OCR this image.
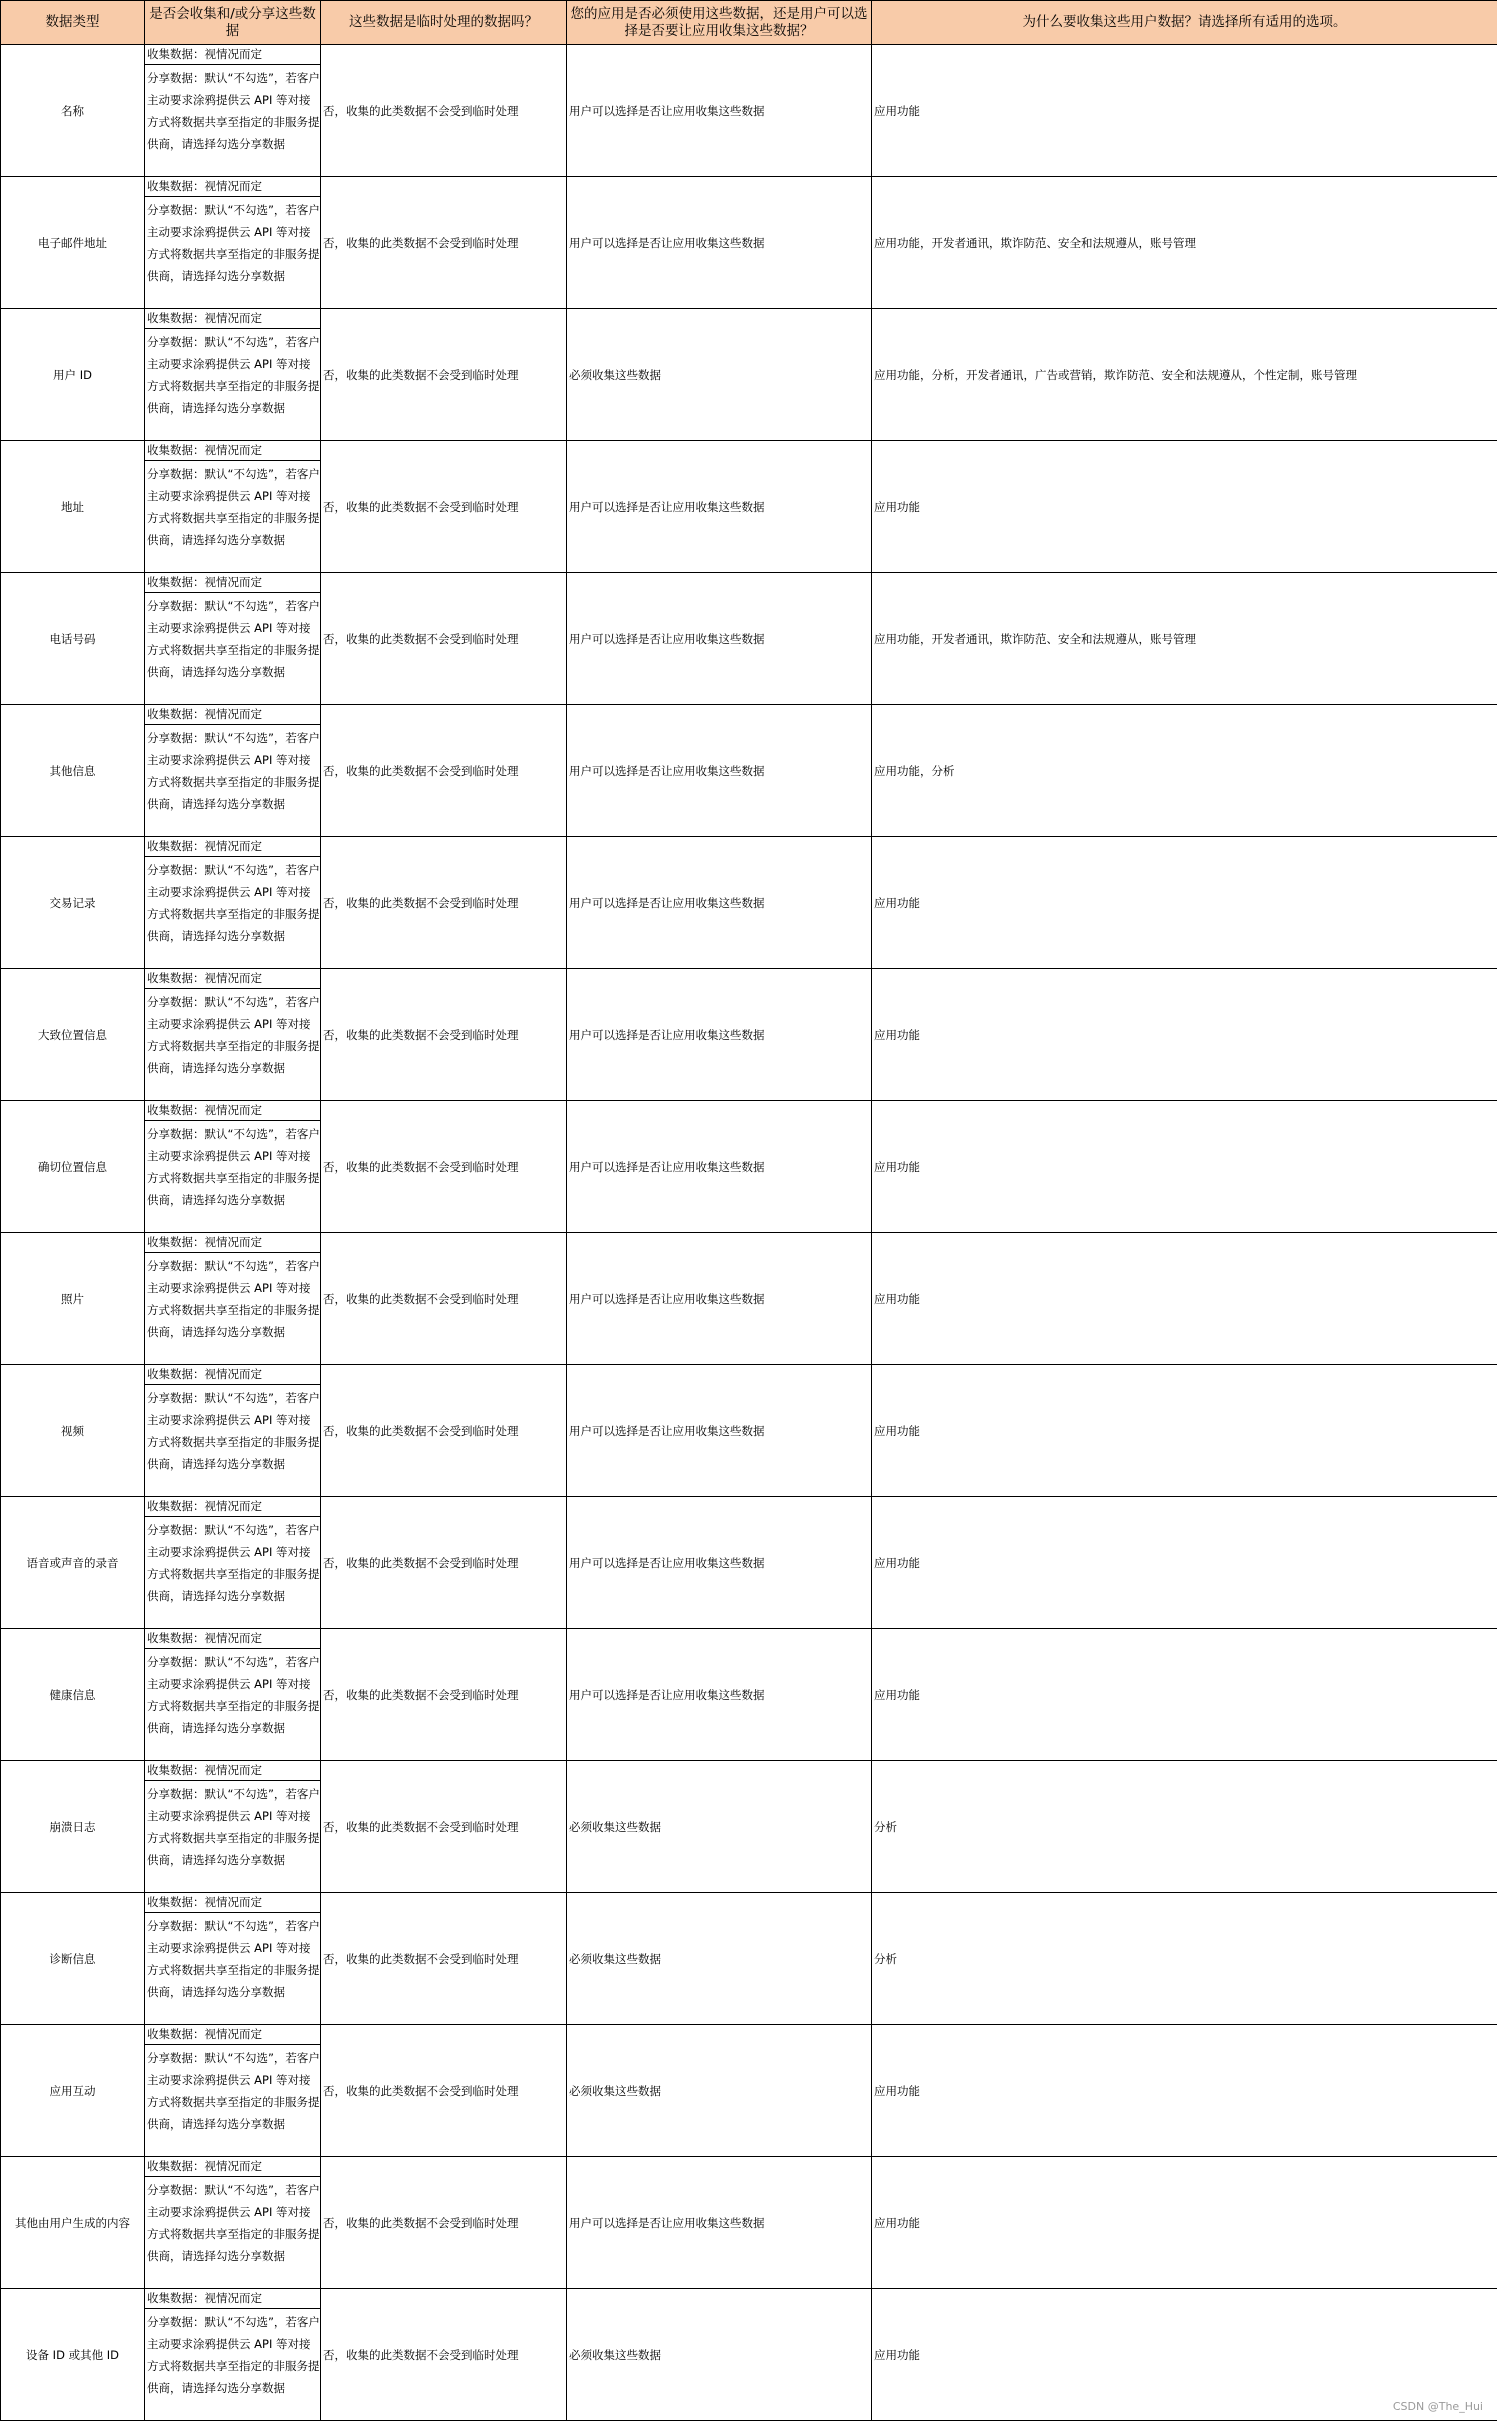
数据类型	是否会收集和/或分享这些数据	这些数据是临时处理的数据吗？	您的应用是否必须使用这些数据，还是用户可以选择是否要让应用收集这些数据？	为什么要收集这些用户数据？请选择所有适用的选项。
名称	收集数据：视情况而定
分享数据：默认“不勾选”，若客户主动要求涂鸦提供云 API 等对接方式将数据共享至指定的非服务提供商，请选择勾选分享数据	否，收集的此类数据不会受到临时处理	用户可以选择是否让应用收集这些数据	应用功能
电子邮件地址	收集数据：视情况而定
分享数据：默认“不勾选”，若客户主动要求涂鸦提供云 API 等对接方式将数据共享至指定的非服务提供商，请选择勾选分享数据	否，收集的此类数据不会受到临时处理	用户可以选择是否让应用收集这些数据	应用功能，开发者通讯，欺诈防范、安全和法规遵从，账号管理
用户 ID	收集数据：视情况而定
分享数据：默认“不勾选”，若客户主动要求涂鸦提供云 API 等对接方式将数据共享至指定的非服务提供商，请选择勾选分享数据	否，收集的此类数据不会受到临时处理	必须收集这些数据	应用功能，分析，开发者通讯，广告或营销，欺诈防范、安全和法规遵从，个性定制，账号管理
地址	收集数据：视情况而定
分享数据：默认“不勾选”，若客户主动要求涂鸦提供云 API 等对接方式将数据共享至指定的非服务提供商，请选择勾选分享数据	否，收集的此类数据不会受到临时处理	用户可以选择是否让应用收集这些数据	应用功能
电话号码	收集数据：视情况而定
分享数据：默认“不勾选”，若客户主动要求涂鸦提供云 API 等对接方式将数据共享至指定的非服务提供商，请选择勾选分享数据	否，收集的此类数据不会受到临时处理	用户可以选择是否让应用收集这些数据	应用功能，开发者通讯，欺诈防范、安全和法规遵从，账号管理
其他信息	收集数据：视情况而定
分享数据：默认“不勾选”，若客户主动要求涂鸦提供云 API 等对接方式将数据共享至指定的非服务提供商，请选择勾选分享数据	否，收集的此类数据不会受到临时处理	用户可以选择是否让应用收集这些数据	应用功能，分析
交易记录	收集数据：视情况而定
分享数据：默认“不勾选”，若客户主动要求涂鸦提供云 API 等对接方式将数据共享至指定的非服务提供商，请选择勾选分享数据	否，收集的此类数据不会受到临时处理	用户可以选择是否让应用收集这些数据	应用功能
大致位置信息	收集数据：视情况而定
分享数据：默认“不勾选”，若客户主动要求涂鸦提供云 API 等对接方式将数据共享至指定的非服务提供商，请选择勾选分享数据	否，收集的此类数据不会受到临时处理	用户可以选择是否让应用收集这些数据	应用功能
确切位置信息	收集数据：视情况而定
分享数据：默认“不勾选”，若客户主动要求涂鸦提供云 API 等对接方式将数据共享至指定的非服务提供商，请选择勾选分享数据	否，收集的此类数据不会受到临时处理	用户可以选择是否让应用收集这些数据	应用功能
照片	收集数据：视情况而定
分享数据：默认“不勾选”，若客户主动要求涂鸦提供云 API 等对接方式将数据共享至指定的非服务提供商，请选择勾选分享数据	否，收集的此类数据不会受到临时处理	用户可以选择是否让应用收集这些数据	应用功能
视频	收集数据：视情况而定
分享数据：默认“不勾选”，若客户主动要求涂鸦提供云 API 等对接方式将数据共享至指定的非服务提供商，请选择勾选分享数据	否，收集的此类数据不会受到临时处理	用户可以选择是否让应用收集这些数据	应用功能
语音或声音的录音	收集数据：视情况而定
分享数据：默认“不勾选”，若客户主动要求涂鸦提供云 API 等对接方式将数据共享至指定的非服务提供商，请选择勾选分享数据	否，收集的此类数据不会受到临时处理	用户可以选择是否让应用收集这些数据	应用功能
健康信息	收集数据：视情况而定
分享数据：默认“不勾选”，若客户主动要求涂鸦提供云 API 等对接方式将数据共享至指定的非服务提供商，请选择勾选分享数据	否，收集的此类数据不会受到临时处理	用户可以选择是否让应用收集这些数据	应用功能
崩溃日志	收集数据：视情况而定
分享数据：默认“不勾选”，若客户主动要求涂鸦提供云 API 等对接方式将数据共享至指定的非服务提供商，请选择勾选分享数据	否，收集的此类数据不会受到临时处理	必须收集这些数据	分析
诊断信息	收集数据：视情况而定
分享数据：默认“不勾选”，若客户主动要求涂鸦提供云 API 等对接方式将数据共享至指定的非服务提供商，请选择勾选分享数据	否，收集的此类数据不会受到临时处理	必须收集这些数据	分析
应用互动	收集数据：视情况而定
分享数据：默认“不勾选”，若客户主动要求涂鸦提供云 API 等对接方式将数据共享至指定的非服务提供商，请选择勾选分享数据	否，收集的此类数据不会受到临时处理	必须收集这些数据	应用功能
其他由用户生成的内容	收集数据：视情况而定
分享数据：默认“不勾选”，若客户主动要求涂鸦提供云 API 等对接方式将数据共享至指定的非服务提供商，请选择勾选分享数据	否，收集的此类数据不会受到临时处理	用户可以选择是否让应用收集这些数据	应用功能
设备 ID 或其他 ID	收集数据：视情况而定
分享数据：默认“不勾选”，若客户主动要求涂鸦提供云 API 等对接方式将数据共享至指定的非服务提供商，请选择勾选分享数据	否，收集的此类数据不会受到临时处理	必须收集这些数据	应用功能
CSDN @The_Hui
